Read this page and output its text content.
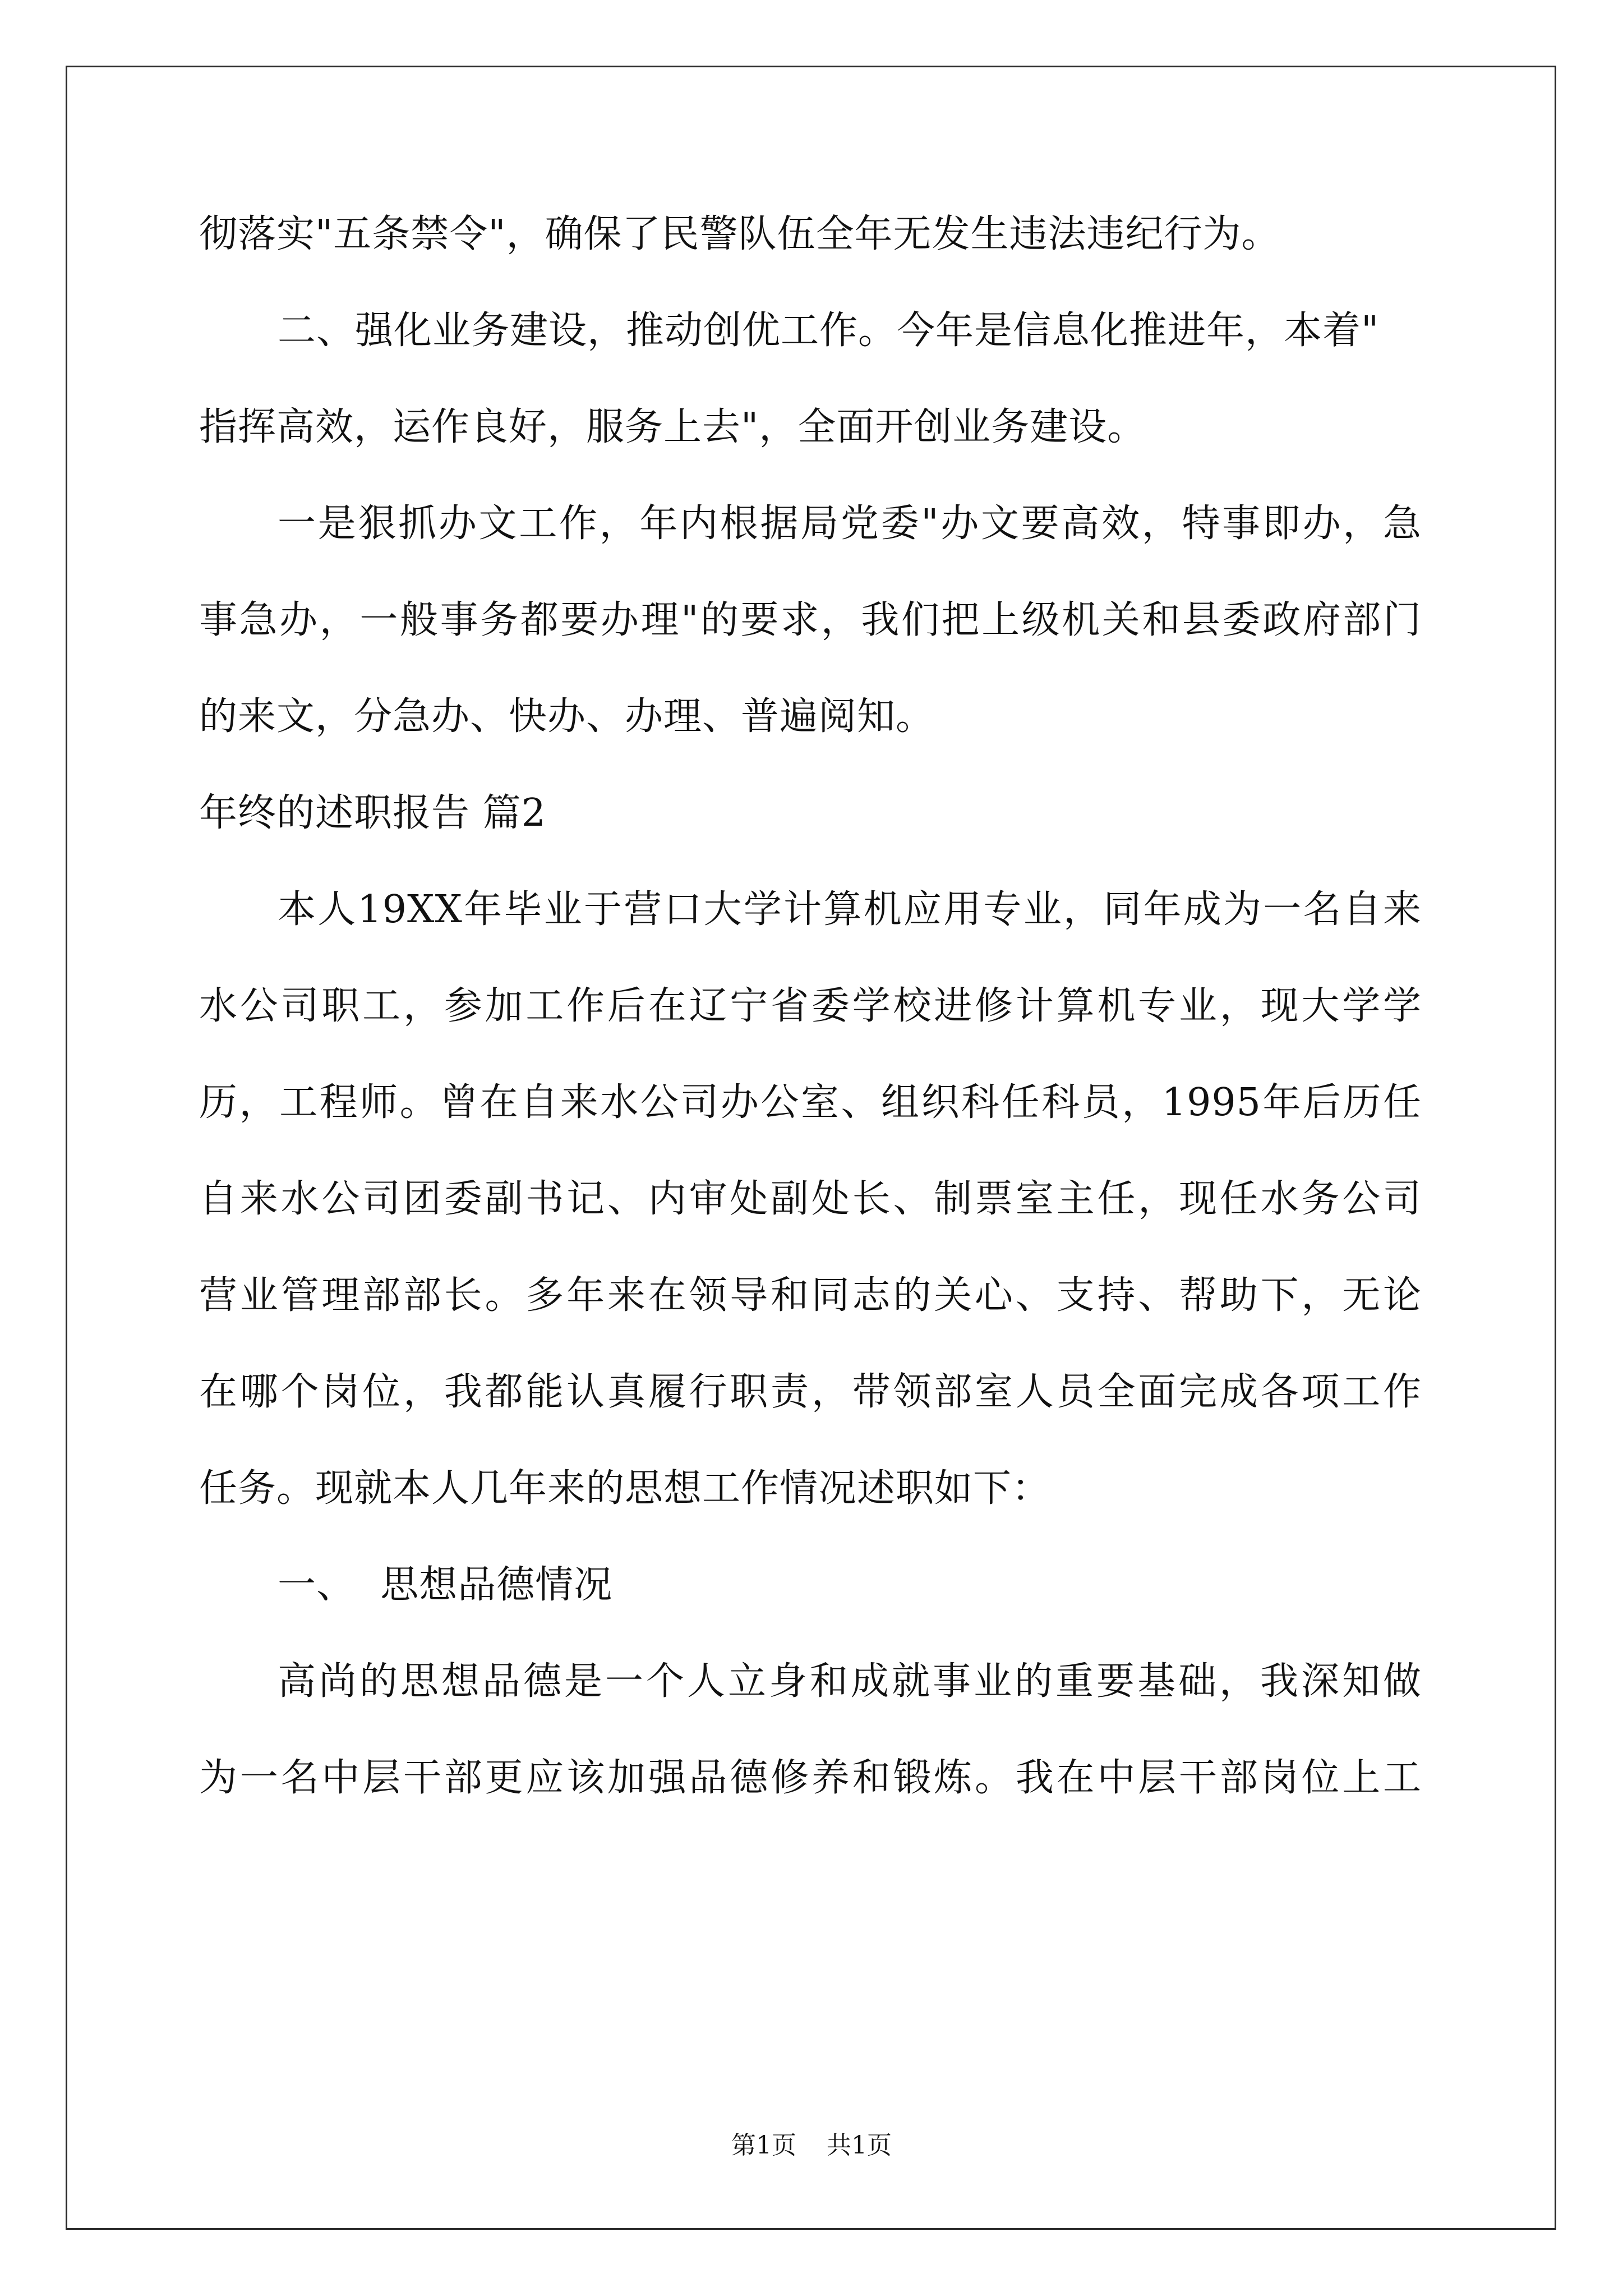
彻落实"五条禁令"，确保了民警队伍全年无发生违法违纪行为。
二、强化业务建设，推动创优工作。今年是信息化推进年，本着"
指挥高效，运作良好，服务上去"，全面开创业务建设。
一是狠抓办文工作，年内根据局党委"办文要高效，特事即办，急
事急办，一般事务都要办理"的要求，我们把上级机关和县委政府部门
的来文，分急办、快办、办理、普遍阅知。
年终的述职报告 篇2
本人19XX年毕业于营口大学计算机应用专业，同年成为一名自来
水公司职工，参加工作后在辽宁省委学校进修计算机专业，现大学学
历，工程师。曾在自来水公司办公室、组织科任科员，1995年后历任
自来水公司团委副书记、内审处副处长、制票室主任，现任水务公司
营业管理部部长。多年来在领导和同志的关心、支持、帮助下，无论
在哪个岗位，我都能认真履行职责，带领部室人员全面完成各项工作
任务。现就本人几年来的思想工作情况述职如下：
一、  思想品德情况
高尚的思想品德是一个人立身和成就事业的重要基础，我深知做
为一名中层干部更应该加强品德修养和锻炼。我在中层干部岗位上工
第1页 共1页
